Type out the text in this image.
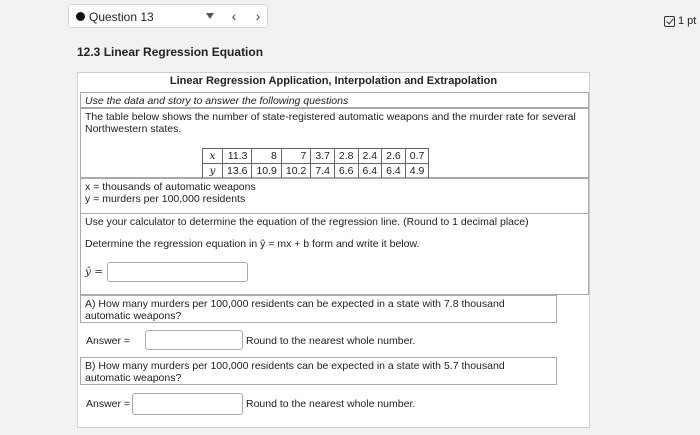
Question 13	‹	›	1 pt
12.3 Linear Regression Equation
Linear Regression Application, Interpolation and Extrapolation
Use the data and story to answer the following questions
The table below shows the number of state-registered automatic weapons and the murder rate for several Northwestern states.
x	11.3	8	7	3.7	2.8	2.4	2.6	0.7
y	13.6	10.9	10.2	7.4	6.6	6.4	6.4	4.9
x = thousands of automatic weapons
y = murders per 100,000 residents
Use your calculator to determine the equation of the regression line. (Round to 1 decimal place)
Determine the regression equation in ŷ = mx + b form and write it below.
ŷ =
A) How many murders per 100,000 residents can be expected in a state with 7.8 thousand automatic weapons?
Answer =	Round to the nearest whole number.
B) How many murders per 100,000 residents can be expected in a state with 5.7 thousand automatic weapons?
Answer =	Round to the nearest whole number.
